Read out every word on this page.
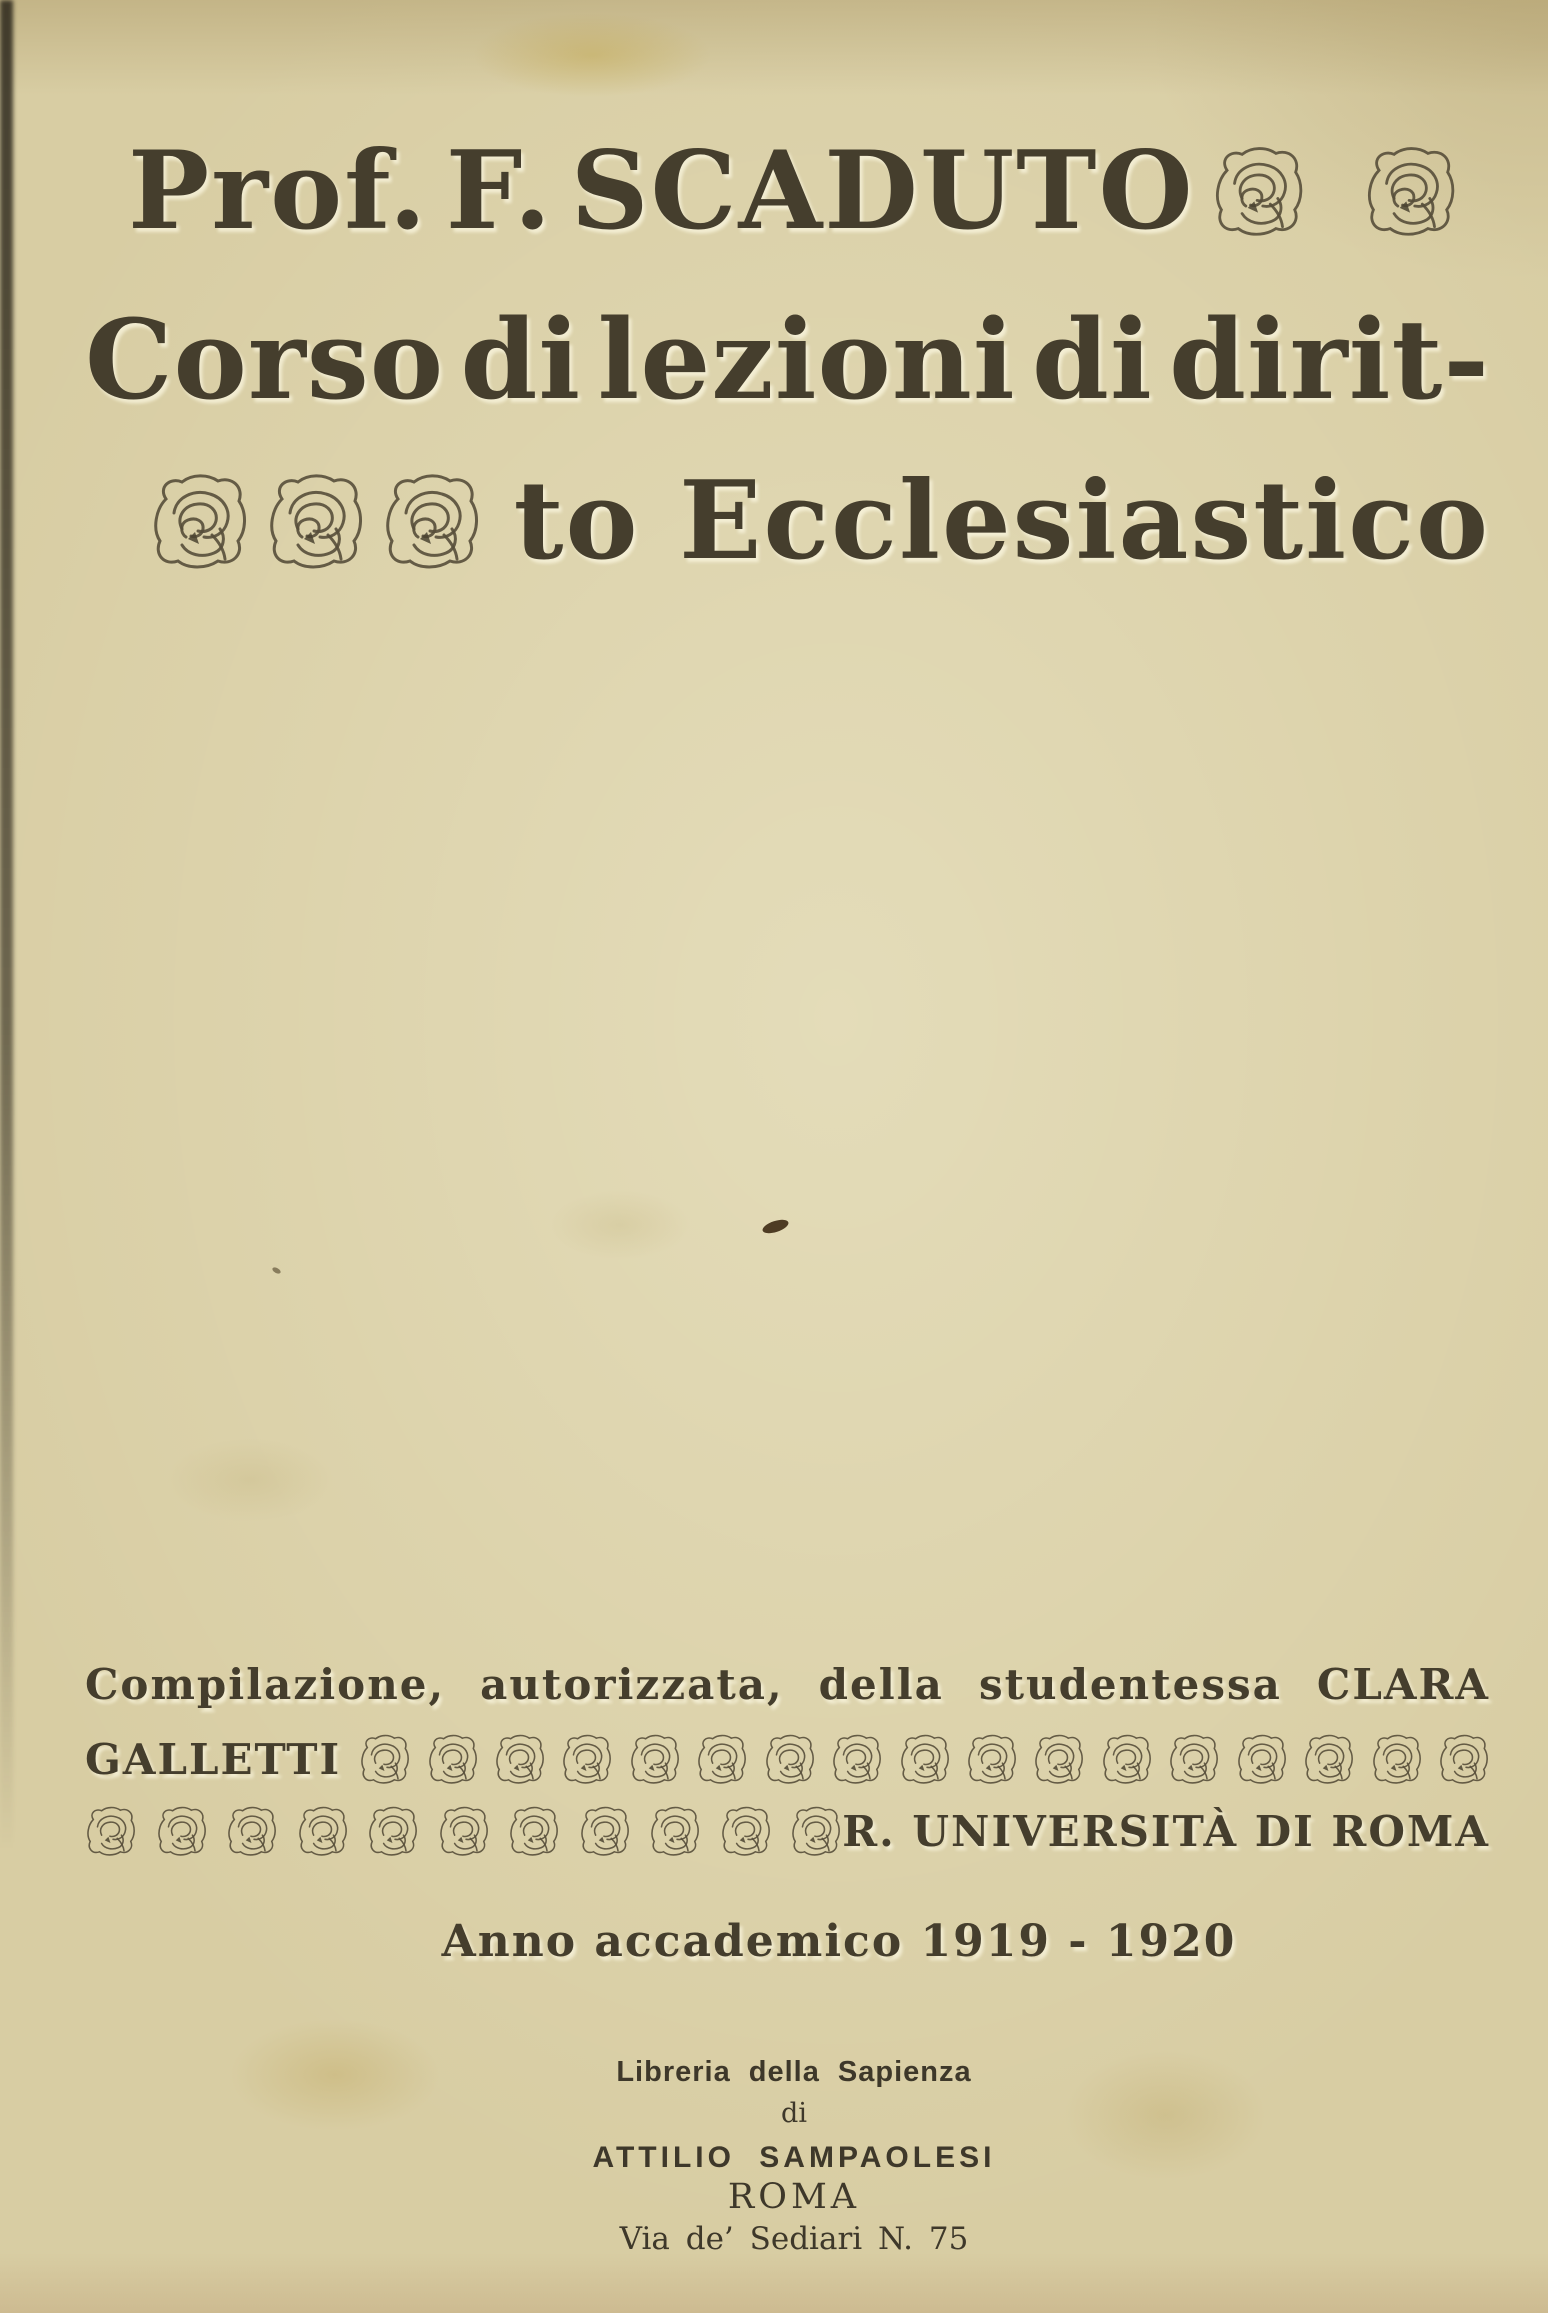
Prof. F. SCADUTO
Corso di lezioni di dirit-
to Ecclesiastico
Compilazione, autorizzata, della studentessa CLARA
GALLETTI
R. UNIVERSITÀ DI ROMA
Anno accademico 1919 - 1920
Libreria della Sapienza
di
ATTILIO SAMPAOLESI
ROMA
Via de’ Sediari N. 75
